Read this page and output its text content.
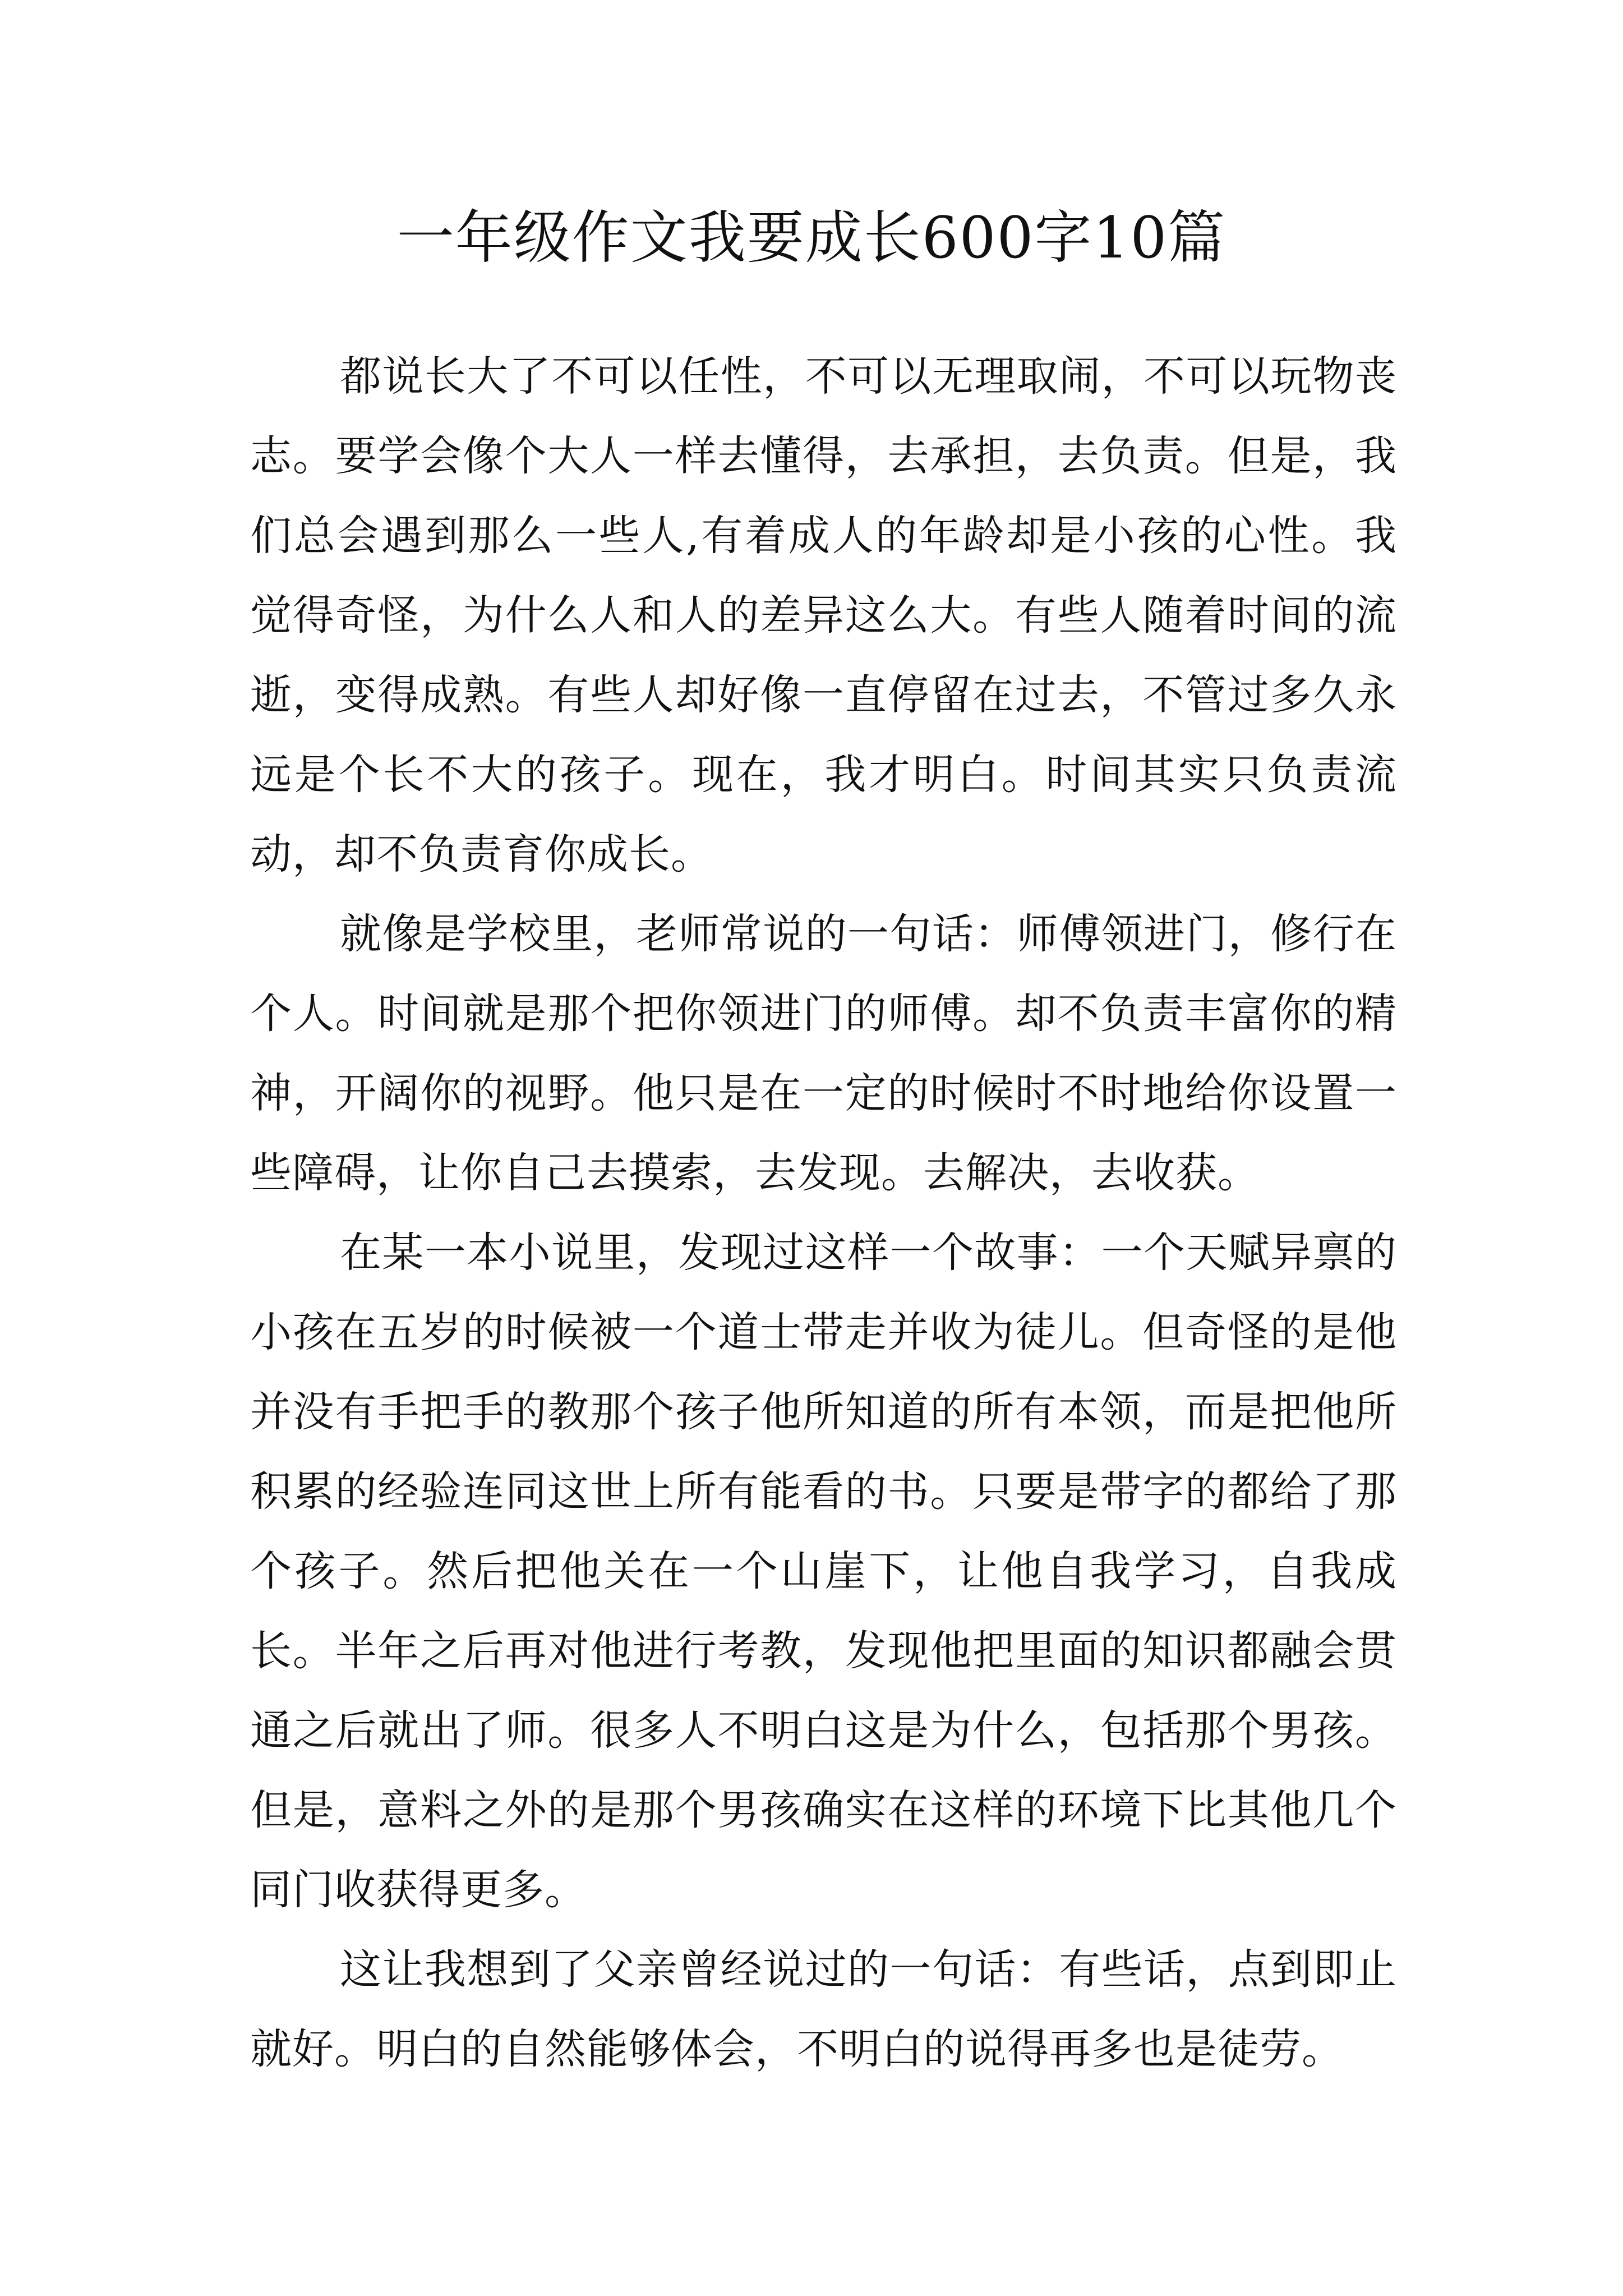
一年级作文我要成长600字10篇

都说长大了不可以任性，不可以无理取闹，不可以玩物丧志。要学会像个大人一样去懂得，去承担，去负责。但是，我们总会遇到那么一些人,有着成人的年龄却是小孩的心性。我觉得奇怪，为什么人和人的差异这么大。有些人随着时间的流逝，变得成熟。有些人却好像一直停留在过去，不管过多久永远是个长不大的孩子。现在，我才明白。时间其实只负责流动，却不负责育你成长。

就像是学校里，老师常说的一句话：师傅领进门，修行在个人。时间就是那个把你领进门的师傅。却不负责丰富你的精神，开阔你的视野。他只是在一定的时候时不时地给你设置一些障碍，让你自己去摸索，去发现。去解决，去收获。

在某一本小说里，发现过这样一个故事：一个天赋异禀的小孩在五岁的时候被一个道士带走并收为徒儿。但奇怪的是他并没有手把手的教那个孩子他所知道的所有本领，而是把他所积累的经验连同这世上所有能看的书。只要是带字的都给了那个孩子。然后把他关在一个山崖下，让他自我学习，自我成长。半年之后再对他进行考教，发现他把里面的知识都融会贯通之后就出了师。很多人不明白这是为什么，包括那个男孩。但是，意料之外的是那个男孩确实在这样的环境下比其他几个同门收获得更多。

这让我想到了父亲曾经说过的一句话：有些话，点到即止就好。明白的自然能够体会，不明白的说得再多也是徒劳。
